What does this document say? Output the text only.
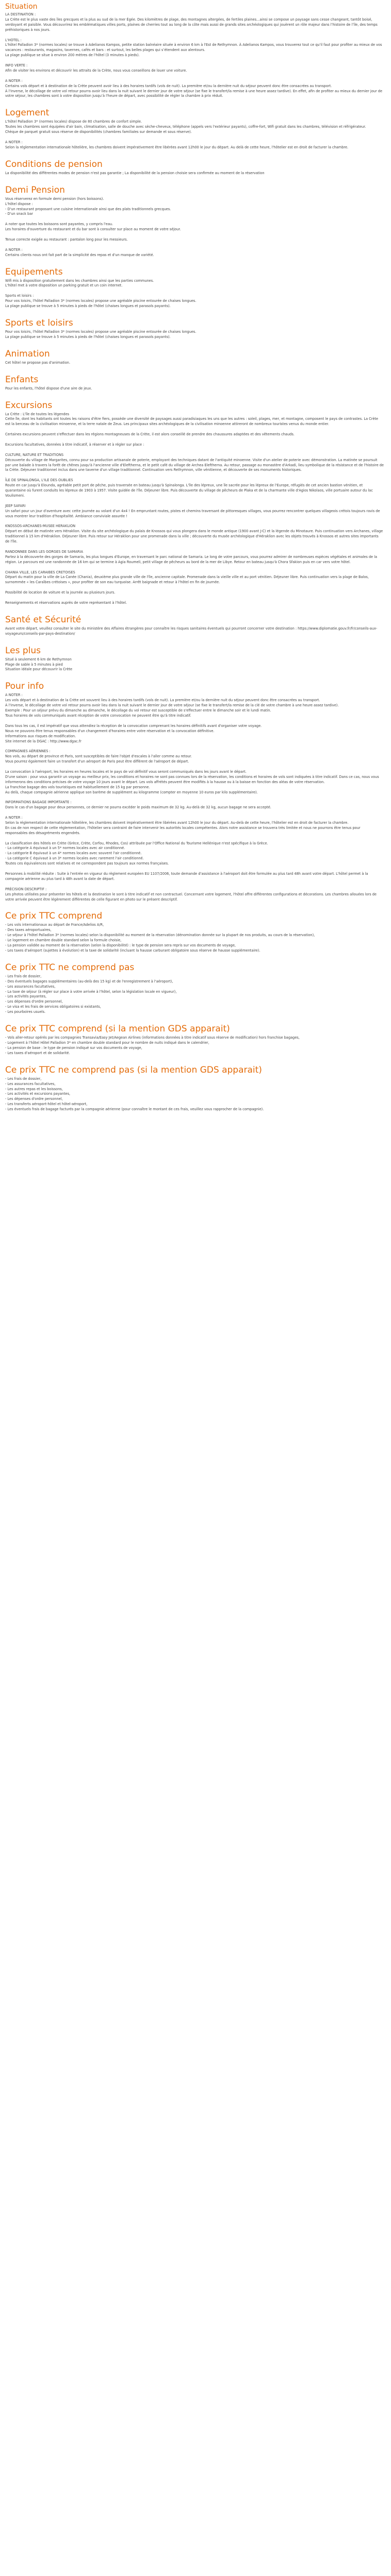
Situation

LA DESTINATION :

La Crète est le plus vaste des îles grecques et la plus au sud de la mer Égée. Des kilomètres de plage, des montagnes altergées, de fertiles plaines...ainsi se compose un paysage sans cesse changeant, tantôt boisé, verdoyant et paisible. Vous découvrirez les emblématiques villes ports, plaines de cherries tout au long de la côte mais aussi de grands sites archéologiques qui jouèrent un rôle majeur dans l’histoire de l’île, des temps préhistoriques à nos jours.

L'HOTEL :

L'hôtel Palladion 3* (normes locales) se trouve à Adelianos Kampos, petite station balnéaire située à environ 6 km à l'Est de Rethymnon. À Adelianos Kampos, vous trouverez tout ce qu'il faut pour profiter au mieux de vos vacances : restaurants, magasins, tavernes, cafés et bars : et surtout, les belles plages qui s’étendent aux alentours.

La plage publique se situe à environ 200 mètres de l'hôtel (3 minutes à pieds).

INFO VERTE :

Afin de visiter les environs et découvrir les attraits de la Crète, nous vous conseillons de louer une voiture.

A NOTER :

Certains vols départ et à destination de la Crète peuvent avoir lieu à des horaires tardifs (vols de nuit). La première et/ou la dernière nuit du séjour peuvent donc être consacrées au transport.

À l'inverse, le décollage de votre vol retour pourra avoir lieu dans la nuit suivant le dernier jour de votre séjour (se fixe le transfert/la remise à une heure assez tardive). En effet, afin de profiter au mieux du dernier jour de votre séjour, les chambres sont à votre disposition jusqu’à l'heure de départ, avec possibilité de régler la chambre à prix réduit.

Logement

L'hôtel Palladion 3* (normes locales) dispose de 80 chambres de confort simple.

Toutes les chambres sont équipées d'air bain, climatisation, salle de douche avec sèche-cheveux, téléphone (appels vers l'extérieur payants), coffre-fort, Wifi gratuit dans les chambres, télévision et réfrigérateur.

Chèque de parquet gratuit sous réserve de disponibilités (chambres familiales sur demande et sous réserve).

A NOTER :

Selon la réglementation internationale hôtelière, les chambres doivent impérativement être libérées avant 12h00 le jour du départ. Au delà de cette heure, l'hôtelier est en droit de facturer la chambre.

Conditions de pension

La disponibilité des différentes modes de pension n'est pas garantie ; La disponibilité de la pension choisie sera confirmée au moment de la réservation

Demi Pension

Vous réserverez en formule demi pension (hors boissons).

L'hôtel dispose :

- D'un restaurant proposant une cuisine internationale ainsi que des plats traditionnels grecques.

- D'un snack bar

A noter que toutes les boissons sont payantes, y compris l'eau.

Les horaires d'ouverture du restaurant et du bar sont à consulter sur place au moment de votre séjour.

Tenue correcte exigée au restaurant : pantalon long pour les messieurs.

A NOTER :

Certains clients nous ont fait part de la simplicité des repas et d'un manque de variété.

Equipements

Wifi mis à disposition gratuitement dans les chambres ainsi que les parties communes.

L'hôtel met à votre disposition un parking gratuit et un coin internet.

Sports et loisirs :

Pour vos loisirs, l'hôtel Palladion 3* (normes locales) propose une agréable piscine entourée de chaises longues.

La plage publique se trouve à 5 minutes à pieds de l'hôtel (chaises longues et parasols payants).

Sports et loisirs

Pour vos loisirs, l'hôtel Palladion 3* (normes locales) propose une agréable piscine entourée de chaises longues.

La plage publique se trouve à 5 minutes à pieds de l'hôtel (chaises longues et parasols payants).

Animation

Cet hôtel ne propose pas d'animation.

Enfants

Pour les enfants, l'hôtel dispose d'une aire de jeux.

Excursions

La Crète : L'île de toutes les légendes

Cette île, dont les habitants ont toutes les raisons d'être fiers, possède une diversité de paysages aussi paradisiaques les uns que les autres : soleil, plages, mer, et montagne, composent le pays de contrastes. La Crète est la berceau de la civilisation minoenne, et la terre natale de Zeus. Les principaux sites archéologiques de la civilisation minoenne attireront de nombreux touristes venus du monde entier.

Certaines excursions peuvent s'effectuer dans les régions montagneuses de la Crète, il est alors conseillé de prendre des chaussures adaptées et des vêtements chauds.

Excursions facultatives, données à titre indicatif, à réserver et à régler sur place :

CULTURE, NATURE ET TRADITIONS

Découverte du village de Margarites, connu pour sa production artisanale de poterie, employant des techniques datant de l'antiquité minoenne. Visite d'un atelier de poterie avec démonstration. La matinée se poursuit par une balade à travers la forêt de chênes jusqu'à l'ancienne ville d'Eleftherna, et le petit café du village de Archea Eleftherna. Au retour, passage au monastère d'Arkadi, lieu symbolique de la résistance et de l'histoire de la Crète. Déjeuner traditionnel inclus dans une taverne d'un village traditionnel. Continuation vers Rethymnon, ville vénitienne, et découverte de ses monuments historiques.

ÎLE DE SPINALONGA, L'ILE DES OUBLIES

Route en car jusqu'à Elounda, agréable petit port de pêche, puis traversée en bateau jusqu'à Spinalonga. L'île des lépreux, une île sacrée pour les lépreux de l'Europe, réfugiés de cet ancien bastion vénitien, et quarantaine où furent conduits les lépreux de 1903 à 1957. Visite guidée de l'île. Déjeuner libre. Puis découverte du village de pêcheurs de Plaka et de la charmante ville d'Agios Nikolaos, ville portuaire autour du lac Voulismeni.

JEEP SAFARI

Un safari pour un jour d'aventure avec cette journée au volant d'un 4x4 ! En empruntant routes, pistes et chemins traversant de pittoresques villages, vous pourrez rencontrer quelques villageois crétois toujours ravis de vous montrer leur tradition d'hospitalité. Ambiance conviviale assurée !

KNOSSOS-ARCHANES-MUSEE HERAKLION

Départ en début de matinée vers Héraklion. Visite du site archéologique du palais de Knossos qui vous plongera dans le monde antique (1900 avant J-C) et la légende du Minotaure. Puis continuation vers Archanes, village traditionnel à 15 km d'Héraklion. Déjeuner libre. Puis retour sur Héraklion pour une promenade dans la ville ; découverte du musée archéologique d'Héraklion avec les objets trouvés à Knossos et autres sites importants de l'île.

RANDONNEE DANS LES GORGES DE SAMARIA

Partez à la découverte des gorges de Samaria, les plus longues d'Europe, en traversant le parc national de Samaria. Le long de votre parcours, vous pourrez admirer de nombreuses espèces végétales et animales de la région. Le parcours est une randonnée de 16 km qui se termine à Agia Roumeli, petit village de pêcheurs au bord de la mer de Libye. Retour en bateau jusqu'à Chora Sfakion puis en car vers votre hôtel.

CHANIA VILLE, LES CARAIBES CRETOISES

Départ du matin pour la ville de La Canée (Chania), deuxième plus grande ville de l'île, ancienne capitale. Promenade dans la vieille ville et au port vénitien. Déjeuner libre. Puis continuation vers la plage de Balos, surnommée « les Caraïbes crétoises », pour profiter de son eau turquoise. Arrêt baignade et retour à l'hôtel en fin de journée.

Possibilité de location de voiture et la journée au plusieurs jours.

Renseignements et réservations auprès de votre représentant à l'hôtel.

Santé et Sécurité

Avant votre départ, veuillez consulter le site du ministère des Affaires étrangères pour connaître les risques sanitaires éventuels qui pourront concerner votre destination : https://www.diplomatie.gouv.fr/fr/conseils-aux-voyageurs/conseils-par-pays-destination/

Les plus

Situé à seulement 6 km de Rethymnon

Plage de sable à 5 minutes à pied

Situation idéale pour découvrir la Crète

Pour info

A NOTER :

Les vols départ et à destination de la Crète ont souvent lieu à des horaires tardifs (vols de nuit). La première et/ou la dernière nuit du séjour peuvent donc être consacrées au transport.

À l'inverse, le décollage de votre vol retour pourra avoir lieu dans la nuit suivant le dernier jour de votre séjour (se fixe le transfert/la remise de la clé de votre chambre à une heure assez tardive).

Exemple : Pour un séjour prévu du dimanche au dimanche, le décollage du vol retour est susceptible de s'effectuer entre le dimanche soir et le lundi matin.

Tous horaires de vols communiqués avant réception de votre convocation ne peuvent être qu'à titre indicatif.

Dans tous les cas, il est impératif que vous attendiez la réception de la convocation comprenant les horaires définitifs avant d'organiser votre voyage.

Nous ne pouvons être tenus responsables d'un changement d'horaires entre votre réservation et la convocation définitive.

Informations aux risques de modification.

Site internet de la DGAC : http://www.dgac.fr

COMPAGNIES AÉRIENNES :

Nos vols, au départ de province et Paris, sont susceptibles de faire l'objet d'escales à l'aller comme au retour.

Vous pourrez également faire un transfert d'un aéroport de Paris peut être différent de l'aéroport de départ.

La convocation à l'aéroport, les horaires en heures locales et le pays de vol définitif vous seront communiqués dans les jours avant le départ.

D'une saison : pour vous garantir un voyage au meilleur prix, les conditions et horaires ne sont pas connues lors de la réservation, les conditions et horaires de vols sont indiquées à titre indicatif. Dans ce cas, nous vous informerons des conditions précises de votre voyage 10 jours avant le départ. Les vols affrétés peuvent être modifiés à la hausse ou à la baisse en fonction des aléas de votre réservation.

La franchise bagage des vols touristiques est habituellement de 15 kg par personne.

Au delà, chaque compagnie aérienne applique son barème de supplément au kilogramme (compter en moyenne 10 euros par kilo supplémentaire).

INFORMATIONS BAGAGE IMPORTANTE :

Dans le cas d'un bagage pour deux personnes, ce dernier ne pourra excéder le poids maximum de 32 kg. Au-delà de 32 kg, aucun bagage ne sera accepté.

A NOTER :

Selon la réglementation internationale hôtelière, les chambres doivent impérativement être libérées avant 12h00 le jour du départ. Au-delà de cette heure, l'hôtelier est en droit de facturer la chambre.

En cas de non respect de cette réglementation, l'hôtelier sera contraint de faire intervenir les autorités locales compétentes. Alors notre assistance se trouvera très limitée et nous ne pourrons être tenus pour responsables des désagréments engendrés.

La classification des hôtels en Crète (Grèce, Crète, Corfou, Rhodes, Cos) attribuée par l'Office National du Tourisme Hellénique n'est spécifique à la Grèce.

- La catégorie A équivaut à un 5* normes locales avec air conditionné.

- La catégorie B équivaut à un 4* normes locales avec souvent l'air conditionné.

- La catégorie C équivaut à un 3* normes locales avec rarement l'air conditionné.

Toutes ces équivalences sont relatives et ne correspondent pas toujours aux normes françaises.

Personnes à mobilité réduite : Suite à l'entrée en vigueur du règlement européen EU 1107/2006, toute demande d'assistance à l'aéroport doit être formulée au plus tard 48h avant votre départ. L'hôtel permet à la compagnie aérienne au plus tard à 48h avant la date de départ.

PRÉCISION DESCRIPTIF :

Les photos utilisées pour présenter les hôtels et la destination le sont à titre indicatif et non contractuel. Concernant votre logement, l'hôtel offre différentes configurations et décorations. Les chambres allouées lors de votre arrivée peuvent être légèrement différentes de celle figurant en photo sur le présent descriptif.

Ce prix TTC comprend

- Les vols internationaux au départ de France/Adelios A/R,

- Des taxes aéroportuaires,

- Le séjour à l'hôtel Palladion 3* (normes locales) selon la disponibilité au moment de la réservation (dénomination donnée sur la plupart de nos produits, au cours de la réservation),

- Le logement en chambre double standard selon la formule choisie,

- La pension validée au moment de la réservation (selon la disponibilité) : le type de pension sera repris sur vos documents de voyage,

- Les taxes d'aéroport (sujettes à évolution) et la taxe de solidarité (incluant la hausse carburant obligatoire sous réserve de hausse supplémentaire).

Ce prix TTC ne comprend pas

- Les frais de dossier,

- Des éventuels bagages supplémentaires (au-delà des 15 kg) et de l'enregistrement à l'aéroport),

- Les assurances facultatives,

- La taxe de séjour (à régler sur place à votre arrivée à l'hôtel, selon la législation locale en vigueur),

- Les activités payantes,

- Les dépenses d'ordre personnel,

- Le visa et les frais de services obligatoires si existants,

- Les pourboires usuels.

Ce prix TTC comprend (si la mention GDS apparait)

- Vols aller-retour opérés par les compagnies Transavia/Easy Jet/Aegean Airlines (informations données à titre indicatif sous réserve de modification) hors franchise bagages,

- Logement à l'hôtel Hôtel Palladion 3* en chambre double standard pour le nombre de nuits indiqué dans le calendrier,

- La pension de base : le type de pension indiqué sur vos documents de voyage,

- Les taxes d'aéroport et de solidarité.

Ce prix TTC ne comprend pas (si la mention GDS apparait)

- Les frais de dossier,

- Les assurances facultatives,

- Les autres repas et les boissons,

- Les activités et excursions payantes,

- Les dépenses d'ordre personnel,

- Les transferts aéroport-hôtel et hôtel-aéroport,

- Les éventuels frais de bagage facturés par la compagnie aérienne (pour connaître le montant de ces frais, veuillez vous rapprocher de la compagnie).
